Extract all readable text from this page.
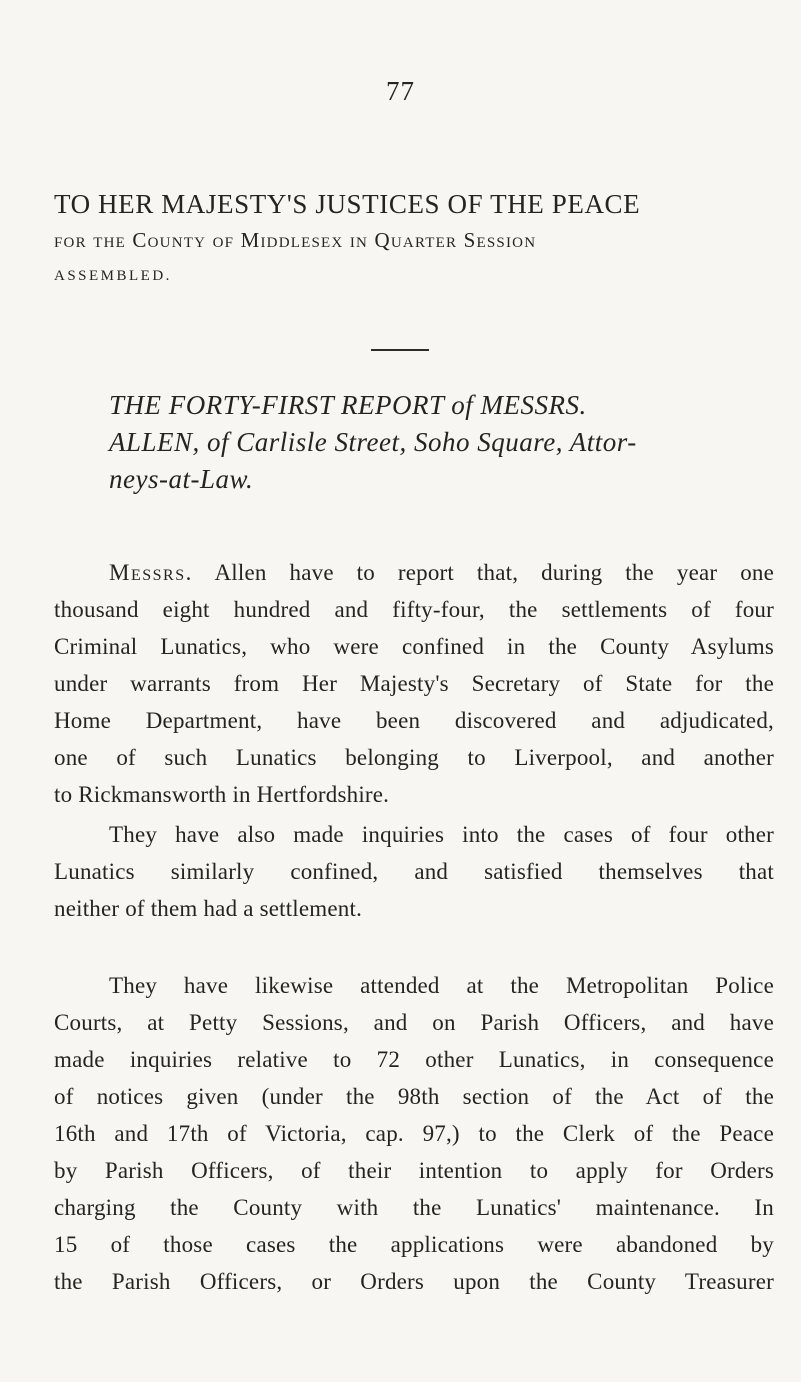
77
TO HER MAJESTY'S JUSTICES OF THE PEACE
for the County of Middlesex in Quarter Session
ASSEMBLED.
THE FORTY-FIRST REPORT of MESSRS.
ALLEN, of Carlisle Street, Soho Square, Attor-
neys-at-Law.
Messrs. Allen have to report that, during the year one
thousand eight hundred and fifty-four, the settlements of four
Criminal Lunatics, who were confined in the County Asylums
under warrants from Her Majesty's Secretary of State for the
Home Department, have been discovered and adjudicated,
one of such Lunatics belonging to Liverpool, and another
to Rickmansworth in Hertfordshire.
They have also made inquiries into the cases of four other
Lunatics similarly confined, and satisfied themselves that
neither of them had a settlement.
They have likewise attended at the Metropolitan Police
Courts, at Petty Sessions, and on Parish Officers, and have
made inquiries relative to 72 other Lunatics, in consequence
of notices given (under the 98th section of the Act of the
16th and 17th of Victoria, cap. 97,) to the Clerk of the Peace
by Parish Officers, of their intention to apply for Orders
charging the County with the Lunatics' maintenance. In
15 of those cases the applications were abandoned by
the Parish Officers, or Orders upon the County Treasurer
